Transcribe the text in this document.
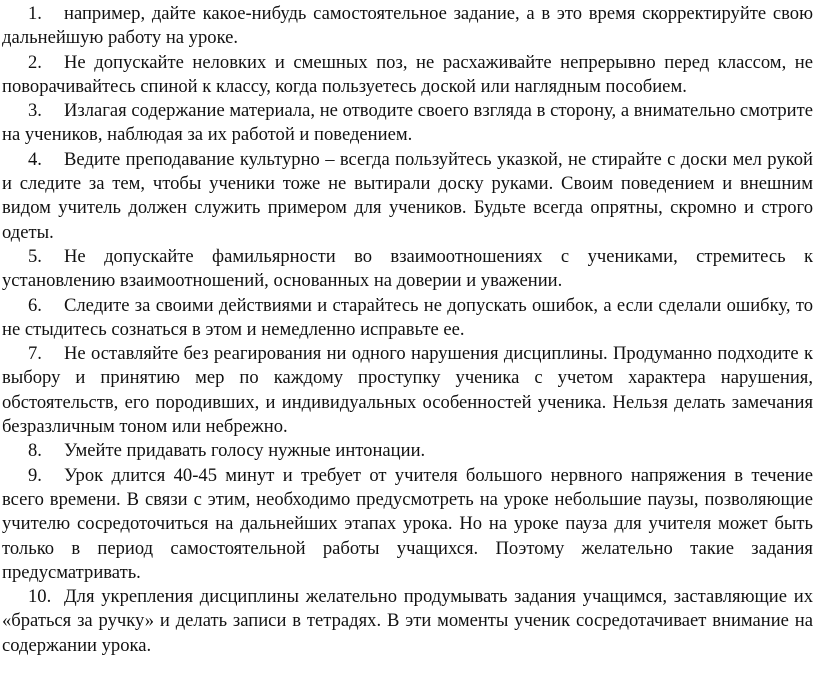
1. например, дайте какое-нибудь самостоятельное задание, а в это время скорректируйте свою дальнейшую работу на уроке.

2. Не допускайте неловких и смешных поз, не расхаживайте непрерывно перед классом, не поворачивайтесь спиной к классу, когда пользуетесь доской или наглядным пособием.

3. Излагая содержание материала, не отводите своего взгляда в сторону, а внимательно смотрите на учеников, наблюдая за их работой и поведением.

4. Ведите преподавание культурно – всегда пользуйтесь указкой, не стирайте с доски мел рукой и следите за тем, чтобы ученики тоже не вытирали доску руками. Своим поведением и внешним видом учитель должен служить примером для учеников. Будьте всегда опрятны, скромно и строго одеты.

5. Не допускайте фамильярности во взаимоотношениях с учениками, стремитесь к установлению взаимоотношений, основанных на доверии и уважении.

6. Следите за своими действиями и старайтесь не допускать ошибок, а если сделали ошибку, то не стыдитесь сознаться в этом и немедленно исправьте ее.

7. Не оставляйте без реагирования ни одного нарушения дисциплины. Продуманно подходите к выбору и принятию мер по каждому проступку ученика с учетом характера нарушения, обстоятельств, его породивших, и индивидуальных особенностей ученика. Нельзя делать замечания безразличным тоном или небрежно.

8. Умейте придавать голосу нужные интонации.

9. Урок длится 40-45 минут и требует от учителя большого нервного напряжения в течение всего времени. В связи с этим, необходимо предусмотреть на уроке небольшие паузы, позволяющие учителю сосредоточиться на дальнейших этапах урока. Но на уроке пауза для учителя может быть только в период самостоятельной работы учащихся. Поэтому желательно такие задания предусматривать.

10. Для укрепления дисциплины желательно продумывать задания учащимся, заставляющие их «браться за ручку» и делать записи в тетрадях. В эти моменты ученик сосредотачивает внимание на содержании урока.
